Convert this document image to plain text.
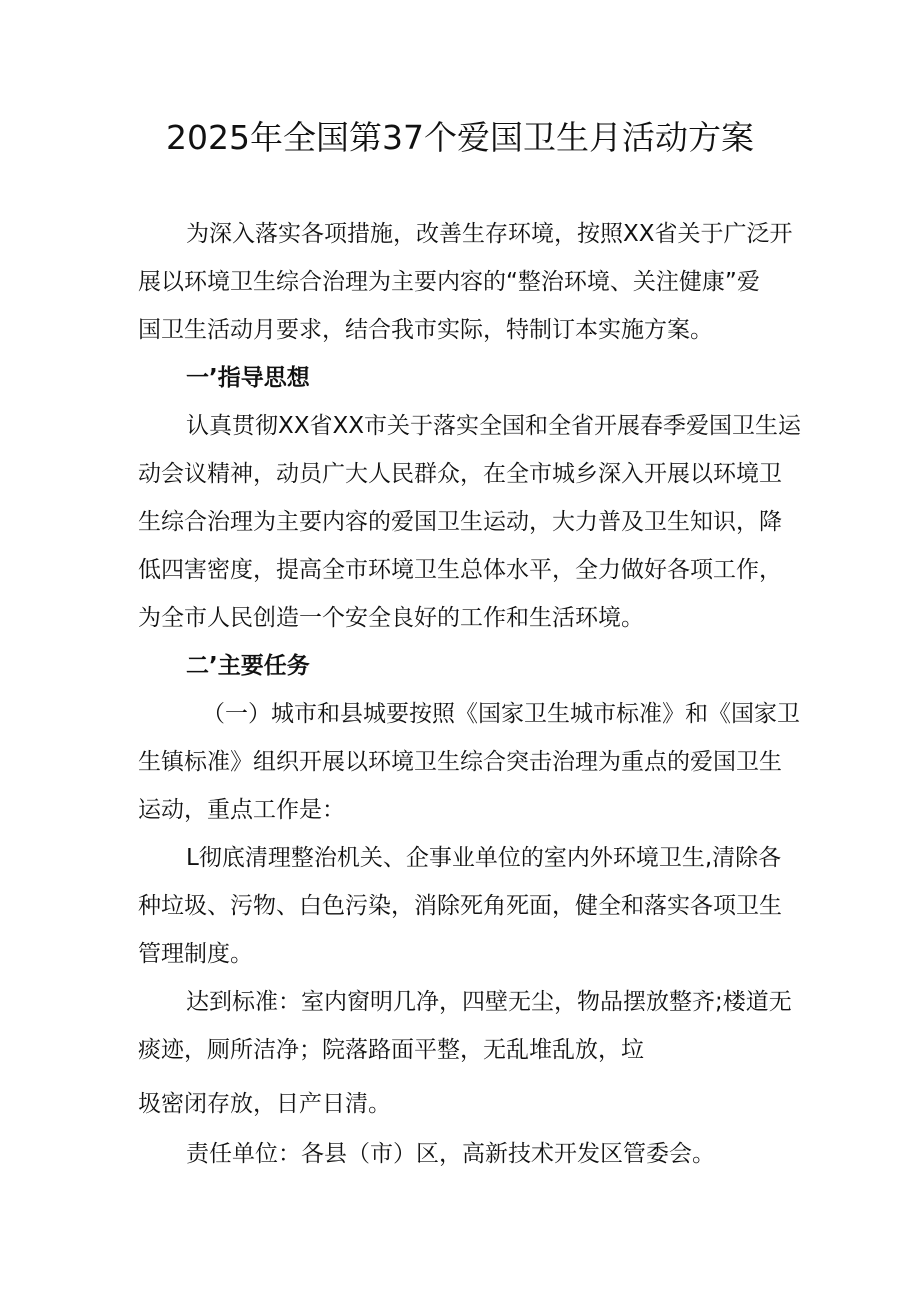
2025年全国第37个爱国卫生月活动方案

为深入落实各项措施，改善生存环境，按照XX省关于广泛开

展以环境卫生综合治理为主要内容的“整治环境、关注健康”爱

国卫生活动月要求，结合我市实际，特制订本实施方案。

一’指导思想

认真贯彻XX省XX市关于落实全国和全省开展春季爱国卫生运

动会议精神，动员广大人民群众，在全市城乡深入开展以环境卫

生综合治理为主要内容的爱国卫生运动，大力普及卫生知识，降

低四害密度，提高全市环境卫生总体水平，全力做好各项工作，

为全市人民创造一个安全良好的工作和生活环境。

二’主要任务

（一）城市和县城要按照《国家卫生城市标准》和《国家卫

生镇标准》组织开展以环境卫生综合突击治理为重点的爱国卫生

运动，重点工作是：

L彻底清理整治机关、企事业单位的室内外环境卫生,清除各

种垃圾、污物、白色污染，消除死角死面，健全和落实各项卫生

管理制度。

达到标准：室内窗明几净，四壁无尘，物品摆放整齐;楼道无

痰迹，厕所洁净；院落路面平整，无乱堆乱放，垃

圾密闭存放，日产日清。

责任单位：各县（市）区，高新技术开发区管委会。
